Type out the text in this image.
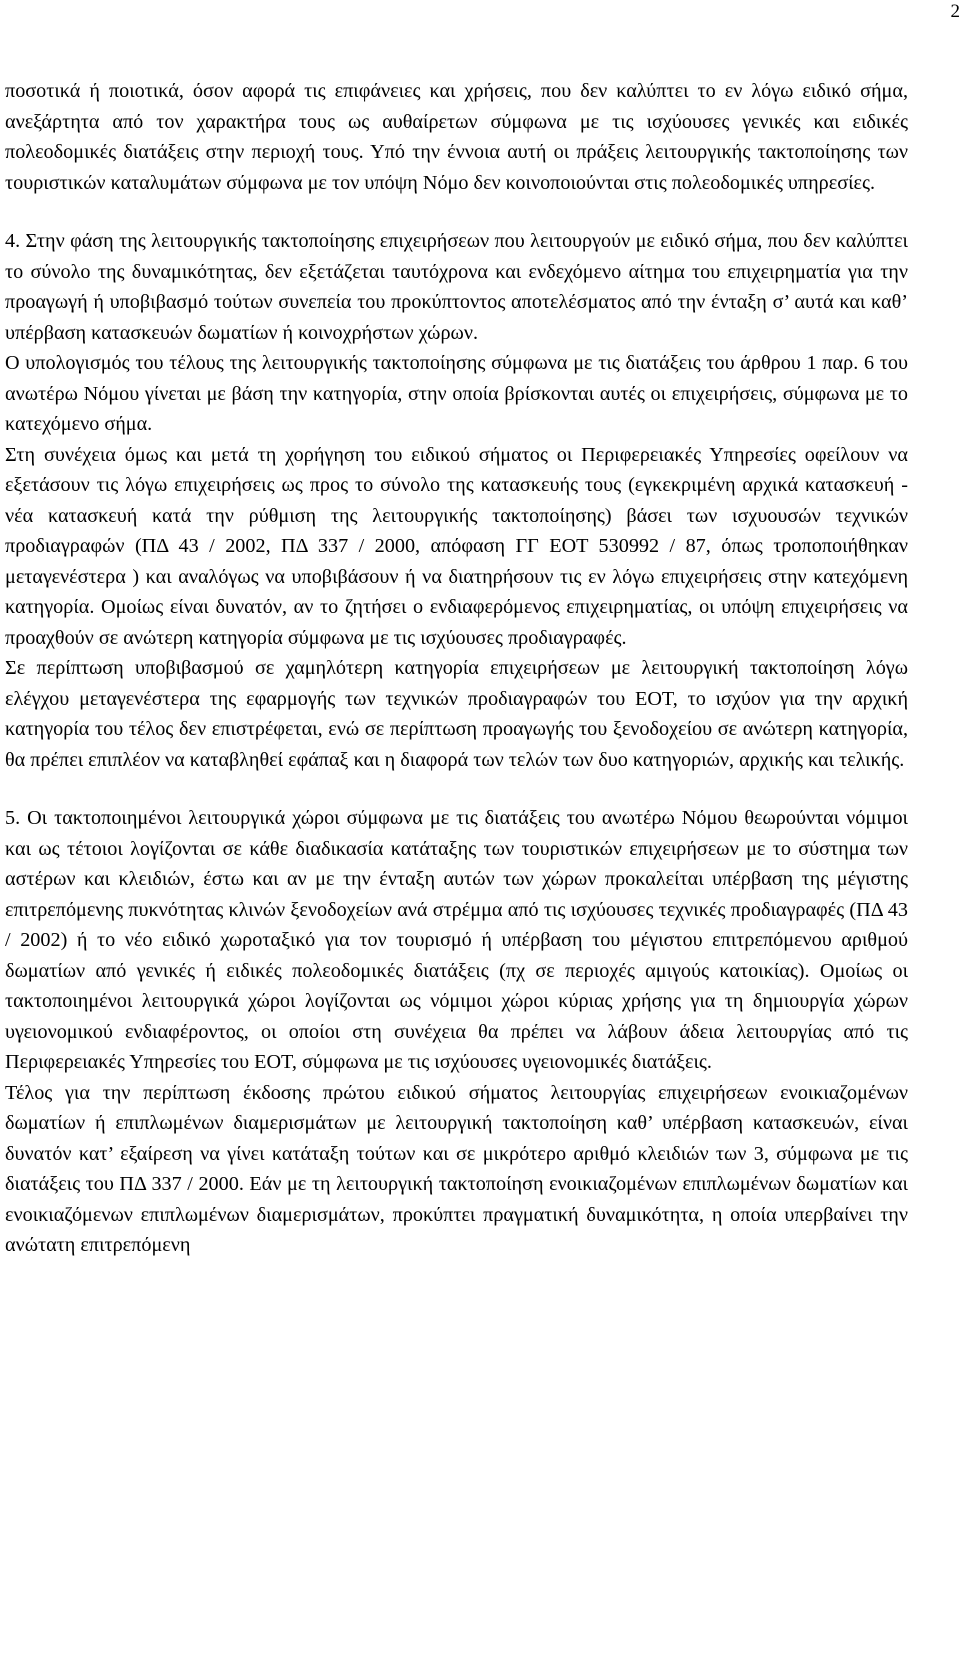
2

ποσοτικά ή ποιοτικά, όσον αφορά τις επιφάνειες και χρήσεις, που δεν καλύπτει το εν λόγω ειδικό σήμα, ανεξάρτητα από τον χαρακτήρα τους ως αυθαίρετων σύμφωνα με τις ισχύουσες γενικές και ειδικές πολεοδομικές διατάξεις στην περιοχή τους. Υπό την έννοια αυτή οι πράξεις λειτουργικής τακτοποίησης των τουριστικών καταλυμάτων σύμφωνα με τον υπόψη Νόμο δεν κοινοποιούνται στις πολεοδομικές υπηρεσίες.

4. Στην φάση της λειτουργικής τακτοποίησης επιχειρήσεων που λειτουργούν με ειδικό σήμα, που δεν καλύπτει το σύνολο της δυναμικότητας, δεν εξετάζεται ταυτόχρονα και ενδεχόμενο αίτημα του επιχειρηματία για την προαγωγή ή υποβιβασμό τούτων συνεπεία του προκύπτοντος αποτελέσματος από την ένταξη σ’ αυτά και καθ’ υπέρβαση κατασκευών δωματίων ή κοινοχρήστων χώρων.

Ο υπολογισμός του τέλους της λειτουργικής τακτοποίησης σύμφωνα με τις διατάξεις του άρθρου 1 παρ. 6 του ανωτέρω Νόμου γίνεται με βάση την κατηγορία, στην οποία βρίσκονται αυτές οι επιχειρήσεις, σύμφωνα με το κατεχόμενο σήμα.

Στη συνέχεια όμως και μετά τη χορήγηση του ειδικού σήματος οι Περιφερειακές Υπηρεσίες οφείλουν να εξετάσουν τις λόγω επιχειρήσεις ως προς το σύνολο της κατασκευής τους (εγκεκριμένη αρχικά κατασκευή - νέα κατασκευή κατά την ρύθμιση της λειτουργικής τακτοποίησης) βάσει των ισχυουσών τεχνικών προδιαγραφών (ΠΔ 43 / 2002, ΠΔ 337 / 2000, απόφαση ΓΓ ΕΟΤ 530992 / 87, όπως τροποποιήθηκαν μεταγενέστερα ) και αναλόγως να υποβιβάσουν ή να διατηρήσουν τις εν λόγω επιχειρήσεις στην κατεχόμενη κατηγορία. Ομοίως είναι δυνατόν, αν το ζητήσει ο ενδιαφερόμενος επιχειρηματίας, οι υπόψη επιχειρήσεις να προαχθούν σε ανώτερη κατηγορία σύμφωνα με τις ισχύουσες προδιαγραφές.

Σε περίπτωση υποβιβασμού σε χαμηλότερη κατηγορία επιχειρήσεων με λειτουργική τακτοποίηση λόγω ελέγχου μεταγενέστερα της εφαρμογής των τεχνικών προδιαγραφών του ΕΟΤ, το ισχύον για την αρχική κατηγορία του τέλος δεν επιστρέφεται, ενώ σε περίπτωση προαγωγής του ξενοδοχείου σε ανώτερη κατηγορία, θα πρέπει επιπλέον να καταβληθεί εφάπαξ και η διαφορά των τελών των δυο κατηγοριών, αρχικής και τελικής.

5. Οι τακτοποιημένοι λειτουργικά χώροι σύμφωνα με τις διατάξεις του ανωτέρω Νόμου θεωρούνται νόμιμοι και ως τέτοιοι λογίζονται σε κάθε διαδικασία κατάταξης των τουριστικών επιχειρήσεων με το σύστημα των αστέρων και κλειδιών, έστω και αν με την ένταξη αυτών των χώρων προκαλείται υπέρβαση της μέγιστης επιτρεπόμενης πυκνότητας κλινών ξενοδοχείων ανά στρέμμα από τις ισχύουσες τεχνικές προδιαγραφές (ΠΔ 43 / 2002) ή το νέο ειδικό χωροταξικό για τον τουρισμό ή υπέρβαση του μέγιστου επιτρεπόμενου αριθμού δωματίων από γενικές ή ειδικές πολεοδομικές διατάξεις (πχ σε περιοχές αμιγούς κατοικίας). Ομοίως οι τακτοποιημένοι λειτουργικά χώροι λογίζονται ως νόμιμοι χώροι κύριας χρήσης για τη δημιουργία χώρων υγειονομικού ενδιαφέροντος, οι οποίοι στη συνέχεια θα πρέπει να λάβουν άδεια λειτουργίας από τις Περιφερειακές Υπηρεσίες του ΕΟΤ, σύμφωνα με τις ισχύουσες υγειονομικές διατάξεις.

Τέλος για την περίπτωση έκδοσης πρώτου ειδικού σήματος λειτουργίας επιχειρήσεων ενοικιαζομένων δωματίων ή επιπλωμένων διαμερισμάτων με λειτουργική τακτοποίηση καθ’ υπέρβαση κατασκευών, είναι δυνατόν κατ’ εξαίρεση να γίνει κατάταξη τούτων και σε μικρότερο αριθμό κλειδιών των 3, σύμφωνα με τις διατάξεις του ΠΔ 337 / 2000. Εάν με τη λειτουργική τακτοποίηση ενοικιαζομένων επιπλωμένων δωματίων και ενοικιαζόμενων επιπλωμένων διαμερισμάτων, προκύπτει πραγματική δυναμικότητα, η οποία υπερβαίνει την ανώτατη επιτρεπόμενη
